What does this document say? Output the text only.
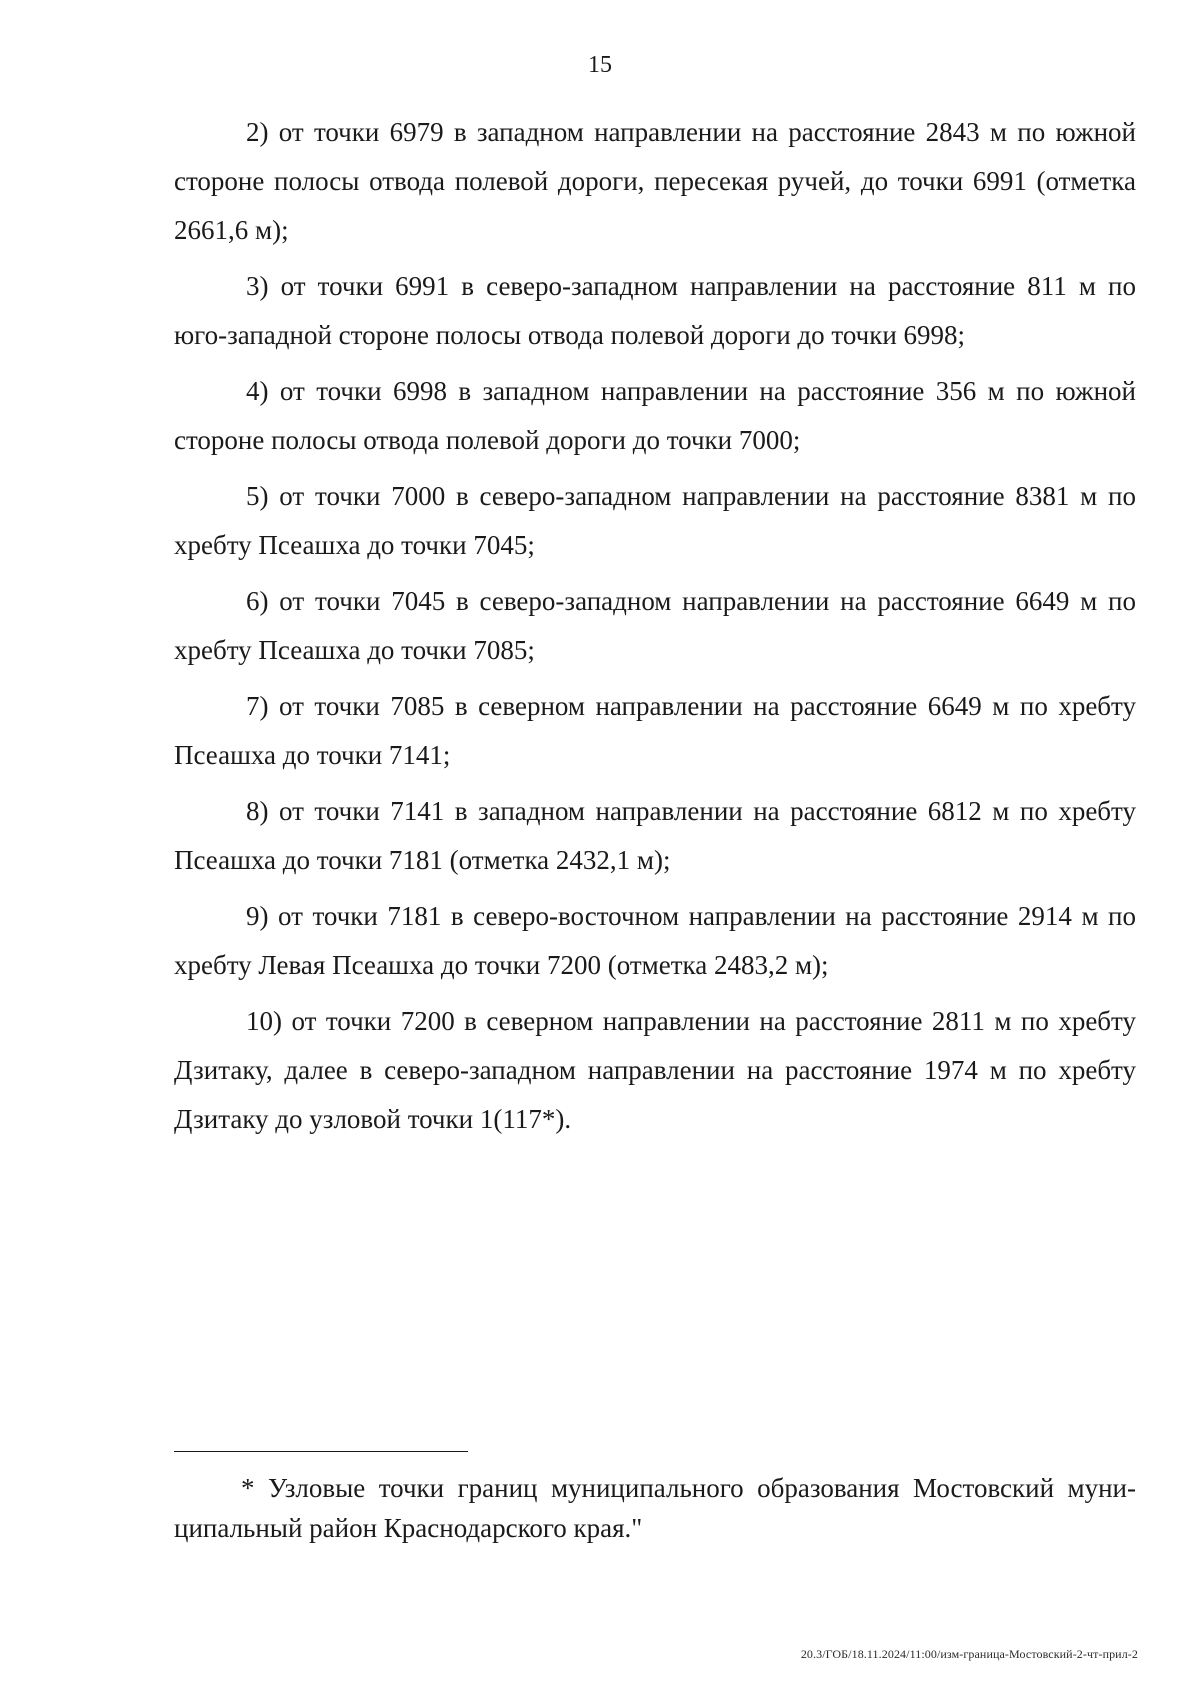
15

2) от точки 6979 в западном направлении на расстояние 2843 м по южной стороне полосы отвода полевой дороги, пересекая ручей, до точки 6991 (отметка 2661,6 м);

3) от точки 6991 в северо-западном направлении на расстояние 811 м по юго-западной стороне полосы отвода полевой дороги до точки 6998;

4) от точки 6998 в западном направлении на расстояние 356 м по южной стороне полосы отвода полевой дороги до точки 7000;

5) от точки 7000 в северо-западном направлении на расстояние 8381 м по хребту Псеашха до точки 7045;

6) от точки 7045 в северо-западном направлении на расстояние 6649 м по хребту Псеашха до точки 7085;

7) от точки 7085 в северном направлении на расстояние 6649 м по хребту Псеашха до точки 7141;

8) от точки 7141 в западном направлении на расстояние 6812 м по хребту Псеашха до точки 7181 (отметка 2432,1 м);

9) от точки 7181 в северо-восточном направлении на расстояние 2914 м по хребту Левая Псеашха до точки 7200 (отметка 2483,2 м);

10) от точки 7200 в северном направлении на расстояние 2811 м по хребту Дзитаку, далее в северо-западном направлении на расстояние 1974 м по хребту Дзитаку до узловой точки 1(117*).

* Узловые точки границ муниципального образования Мостовский муниципальный район Краснодарского края."

20.3/ГОБ/18.11.2024/11:00/изм-граница-Мостовский-2-чт-прил-2
